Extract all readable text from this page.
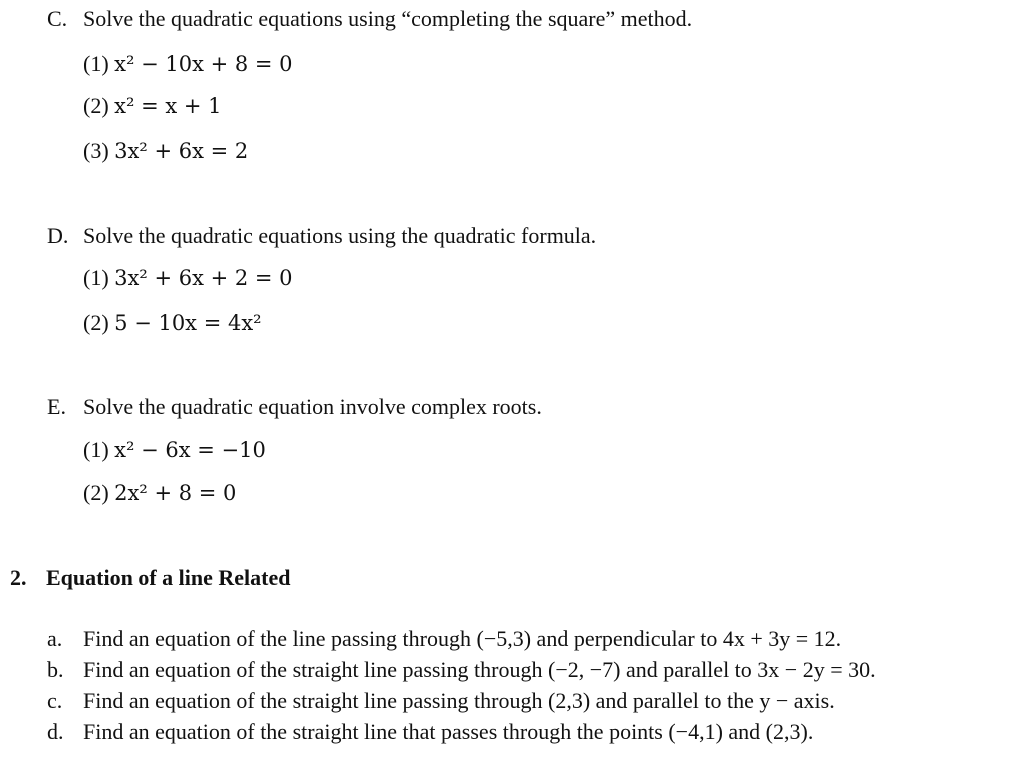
C. Solve the quadratic equations using “completing the square” method.
(1) x² − 10x + 8 = 0
(2) x² = x + 1
(3) 3x² + 6x = 2
D. Solve the quadratic equations using the quadratic formula.
(1) 3x² + 6x + 2 = 0
(2) 5 − 10x = 4x²
E. Solve the quadratic equation involve complex roots.
(1) x² − 6x = −10
(2) 2x² + 8 = 0
2. Equation of a line Related
a. Find an equation of the line passing through (−5,3) and perpendicular to 4x + 3y = 12.
b. Find an equation of the straight line passing through (−2, −7) and parallel to 3x − 2y = 30.
c. Find an equation of the straight line passing through (2,3) and parallel to the y − axis.
d. Find an equation of the straight line that passes through the points (−4,1) and (2,3).
